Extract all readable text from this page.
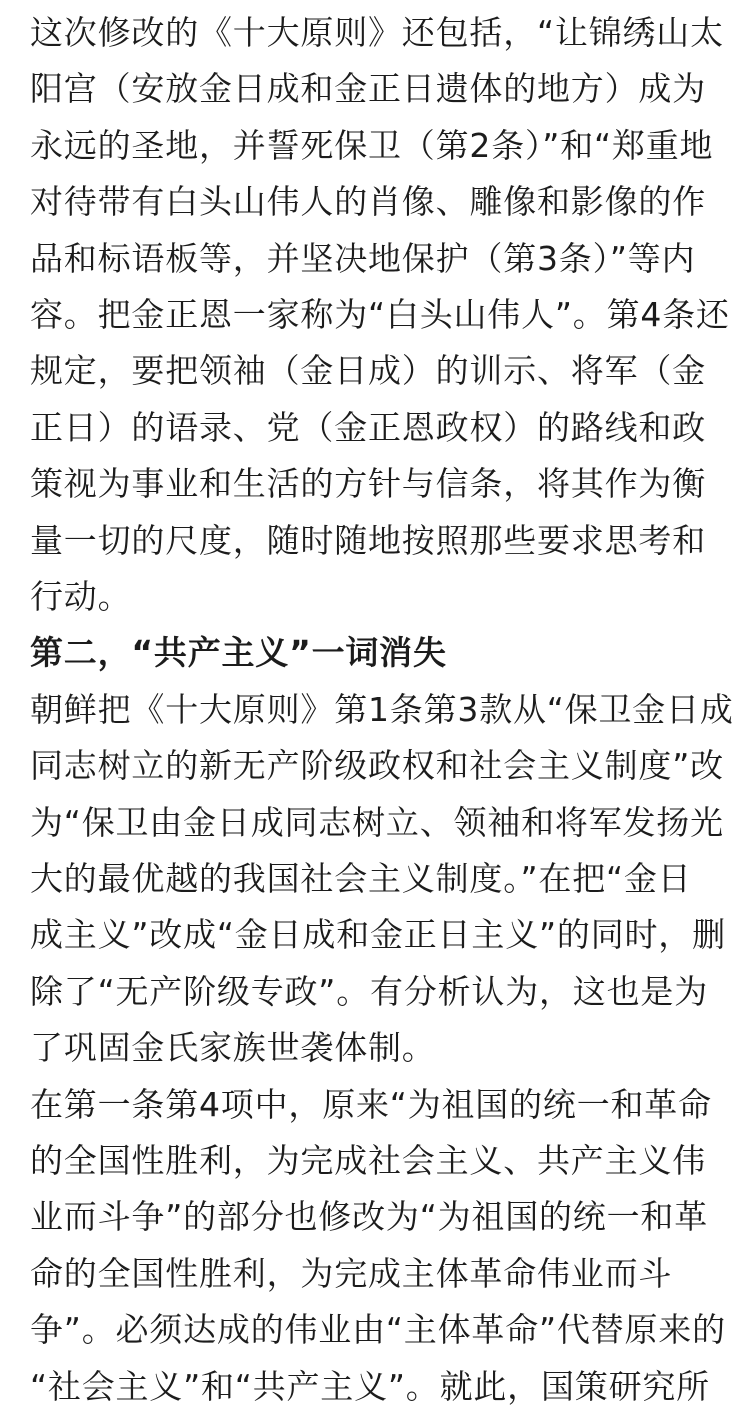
这次修改的《十大原则》还包括，“让锦绣山太
阳宫（安放金日成和金正日遗体的地方）成为
永远的圣地，并誓死保卫（第2条）”和“郑重地
对待带有白头山伟人的肖像、雕像和影像的作
品和标语板等，并坚决地保护（第3条）”等内
容。把金正恩一家称为“白头山伟人”。第4条还
规定，要把领袖（金日成）的训示、将军（金
正日）的语录、党（金正恩政权）的路线和政
策视为事业和生活的方针与信条，将其作为衡
量一切的尺度，随时随地按照那些要求思考和
行动。
第二，“共产主义”一词消失
朝鲜把《十大原则》第1条第3款从“保卫金日成
同志树立的新无产阶级政权和社会主义制度”改
为“保卫由金日成同志树立、领袖和将军发扬光
大的最优越的我国社会主义制度。”在把“金日
成主义”改成“金日成和金正日主义”的同时，删
除了“无产阶级专政”。有分析认为，这也是为
了巩固金氏家族世袭体制。
在第一条第4项中，原来“为祖国的统一和革命
的全国性胜利，为完成社会主义、共产主义伟
业而斗争”的部分也修改为“为祖国的统一和革
命的全国性胜利，为完成主体革命伟业而斗
争”。必须达成的伟业由“主体革命”代替原来的
“社会主义”和“共产主义”。就此，国策研究所
